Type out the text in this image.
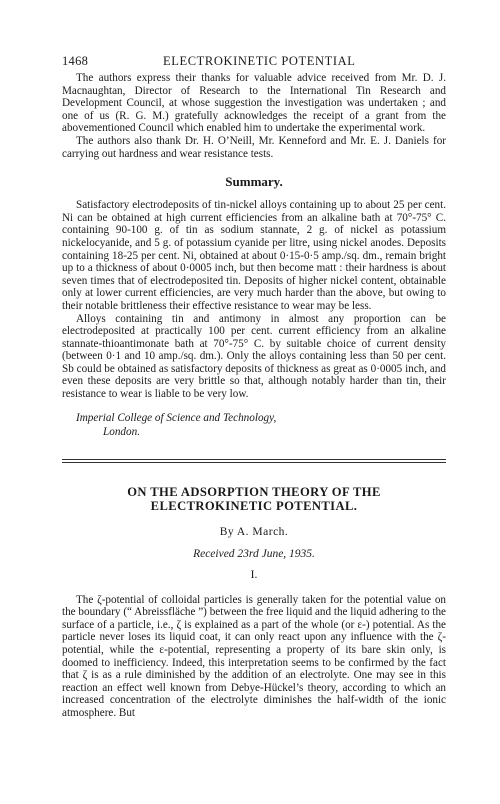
1468	ELECTROKINETIC POTENTIAL

The authors express their thanks for valuable advice received from Mr. D. J. Macnaughtan, Director of Research to the International Tin Research and Development Council, at whose suggestion the investigation was undertaken ; and one of us (R. G. M.) gratefully acknowledges the receipt of a grant from the abovementioned Council which enabled him to undertake the experimental work.

The authors also thank Dr. H. O’Neill, Mr. Kenneford and Mr. E. J. Daniels for carrying out hardness and wear resistance tests.

Summary.

Satisfactory electrodeposits of tin-nickel alloys containing up to about 25 per cent. Ni can be obtained at high current efficiencies from an alkaline bath at 70°-75° C. containing 90-100 g. of tin as sodium stannate, 2 g. of nickel as potassium nickelocyanide, and 5 g. of potassium cyanide per litre, using nickel anodes. Deposits containing 18-25 per cent. Ni, obtained at about 0·15-0·5 amp./sq. dm., remain bright up to a thickness of about 0·0005 inch, but then become matt : their hardness is about seven times that of electrodeposited tin. Deposits of higher nickel content, obtainable only at lower current efficiencies, are very much harder than the above, but owing to their notable brittleness their effective resistance to wear may be less.

Alloys containing tin and antimony in almost any proportion can be electrodeposited at practically 100 per cent. current efficiency from an alkaline stannate-thioantimonate bath at 70°-75° C. by suitable choice of current density (between 0·1 and 10 amp./sq. dm.). Only the alloys containing less than 50 per cent. Sb could be obtained as satisfactory deposits of thickness as great as 0·0005 inch, and even these deposits are very brittle so that, although notably harder than tin, their resistance to wear is liable to be very low.

Imperial College of Science and Technology,
London.
ON THE ADSORPTION THEORY OF THE
ELECTROKINETIC POTENTIAL.
By A. March.
Received 23rd June, 1935.
I.

The ζ-potential of colloidal particles is generally taken for the potential value on the boundary (“ Abreissfläche ”) between the free liquid and the liquid adhering to the surface of a particle, i.e., ζ is explained as a part of the whole (or ε-) potential. As the particle never loses its liquid coat, it can only react upon any influence with the ζ-potential, while the ε-potential, representing a property of its bare skin only, is doomed to inefficiency. Indeed, this interpretation seems to be confirmed by the fact that ζ is as a rule diminished by the addition of an electrolyte. One may see in this reaction an effect well known from Debye-Hückel’s theory, according to which an increased concentration of the electrolyte diminishes the half-width of the ionic atmosphere. But
